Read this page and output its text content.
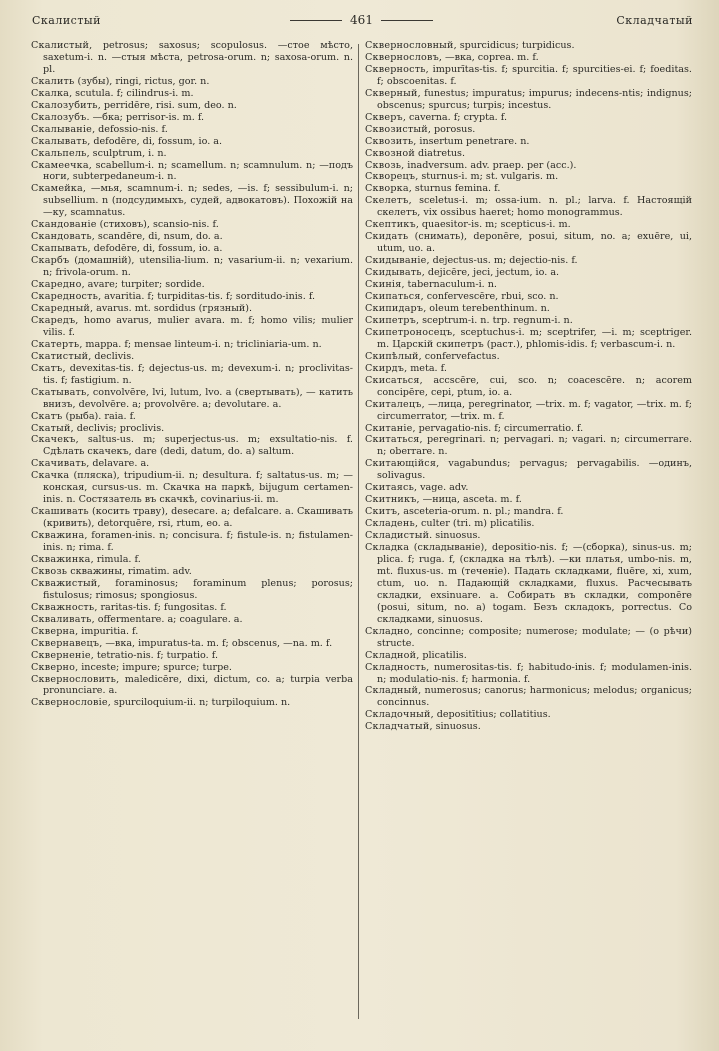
Скалистый	461	Складчатый

Скалистый, petrosus; saxosus; scopulosus. —стое мѣсто, saxetum-i. n. —стыя мѣста, petrosa-orum. n; saxosa-orum. n. pl.

Скалить (зубы), ringi, rictus, gor. n.

Скалка, scutula. f; cilindrus-i. m.

Скалозубить, perridēre, risi. sum, deo. n.

Скалозубъ. —бка; perrisor-is. m. f.

Скалываніе, defossio-nis. f.

Скалывать, defodēre, di, fossum, io. a.

Скальпель, sculptrum, i. n.

Скамеечка, scabellum-i. n; scamellum. n; scamnulum. n; —подъ ноги, subterpedaneum-i. n.

Скамейка, —мья, scamnum-i. n; sedes, —is. f; sessibulum-i. n; subsellium. n (подсудимыхъ, судей, адвокатовъ). Похожій на —ку, scamnatus.

Скандованіе (стиховъ), scansio-nis. f.

Скандовать, scandēre, di, nsum, do. a.

Скапывать, defodēre, di, fossum, io. a.

Скарбъ (домашній), utensilia-lium. n; vasarium-ii. n; vexarium. n; frivola-orum. n.

Скаредно, avare; turpiter; sordide.

Скаредность, avaritia. f; turpiditas-tis. f; sorditudo-inis. f.

Скаредный, avarus. mt. sordidus (грязный).

Скаредъ, homo avarus, mulier avara. m. f; homo vilis; mulier vilis. f.

Скатерть, mappa. f; mensae linteum-i. n; tricliniaria-um. n.

Скатистый, declivis.

Скатъ, devexitas-tis. f; dejectus-us. m; devexum-i. n; proclivitas-tis. f; fastigium. n.

Скатывать, convolvēre, lvi, lutum, lvo. a (свертывать), — катить внизъ, devolvēre. a; provolvēre. a; devolutare. a.

Скатъ (рыба). raia. f.

Скатый, declivis; proclivis.

Скачекъ, saltus-us. m; superjectus-us. m; exsultatio-nis. f. Сдѣлать скачекъ, dare (dedi, datum, do. a) saltum.

Скачивать, delavare. a.

Скачка (пляска), tripudium-ii. n; desultura. f; saltatus-us. m; — конская, cursus-us. m. Скачка на паркѣ, bijugum certamen-inis. n. Состязатель въ скачкѣ, covinarius-ii. m.

Скашивать (косить траву), desecare. a; defalcare. a. Скашивать (кривить), detorquēre, rsi, rtum, eo. a.

Скважина, foramen-inis. n; concisura. f; fistule-is. n; fistulamen-inis. n; rima. f.

Скважинка, rimula. f.

Сквозь скважины, rimatim. adv.

Скважистый, foraminosus; foraminum plenus; porosus; fistulosus; rimosus; spongiosus.

Скважность, raritas-tis. f; fungositas. f.

Скваливать, offermentare. a; coagulare. a.

Скверна, impuritia. f.

Сквернавецъ, —вка, impuratus-ta. m. f; obscenus, —na. m. f.

Скверненіе, tetratio-nis. f; turpatio. f.

Скверно, inceste; impure; spurce; turpe.

Сквернословить, maledicēre, dixi, dictum, co. a; turpia verba pronunciare. a.

Сквернословіе, spurciloquium-ii. n; turpiloquium. n.

Сквернословный, spurcidicus; turpidicus.

Сквернословъ, —вка, coprea. m. f.

Скверность, impurītas-tis. f; spurcitia. f; spurcities-ei. f; foeditas. f; obscoenitas. f.

Скверный, funestus; impuratus; impurus; indecens-ntis; indignus; obscenus; spurcus; turpis; incestus.

Скверъ, caverna. f; crypta. f.

Сквозистый, porosus.

Сквозить, insertum penetrare. n.

Сквозной diatretus.

Сквозь, inadversum. adv. praep. per (acc.).

Скворецъ, sturnus-i. m; st. vulgaris. m.

Скворка, sturnus femina. f.

Скелетъ, sceletus-i. m; ossa-ium. n. pl.; larva. f. Настоящій скелетъ, vix ossibus haeret; homo monogrammus.

Скептикъ, quaesitor-is. m; scepticus-i. m.

Скидать (снимать), deponēre, posui, situm, no. a; exuēre, ui, utum, uo. a.

Скидываніе, dejectus-us. m; dejectio-nis. f.

Скидывать, dejicēre, jeci, jectum, io. a.

Скинія, tabernaculum-i. n.

Скипаться, confervescēre, rbui, sco. n.

Скипидаръ, oleum terebenthinum. n.

Скипетръ, sceptrum-i. n. trp. regnum-i. n.

Скипетроносецъ, sceptuchus-i. m; sceptrifer, —i. m; sceptriger. m. Царскій скипетръ (раст.), phlomis-idis. f; verbascum-i. n.

Скипѣлый, confervefactus.

Скирдъ, meta. f.

Скисаться, accscēre, cui, sco. n; coacescēre. n; acorem concipēre, cepi, ptum, io. a.

Скиталецъ, —лица, peregrinator, —trix. m. f; vagator, —trix. m. f; circumerrator, —trix. m. f.

Скитаніе, pervagatio-nis. f; circumerratio. f.

Скитаться, peregrinari. n; pervagari. n; vagari. n; circumerrare. n; oberrare. n.

Скитающійся, vagabundus; pervagus; pervagabilis. —одинъ, solivagus.

Скитаясь, vage. adv.

Скитникъ, —ница, asceta. m. f.

Скитъ, asceteria-orum. n. pl.; mandra. f.

Складень, culter (tri. m) plicatilis.

Складистый. sinuosus.

Складка (складываніе), depositio-nis. f; —(сборка), sinus-us. m; plica. f; ruga. f, (складка на тѣлѣ). —ки платья, umbo-nis. m, mt. fluxus-us. m (теченіе). Падать складками, fluēre, xi, xum, ctum, uo. n. Падающій складками, fluxus. Расчесывать складки, exsinuare. a. Собирать въ складки, componēre (posui, situm, no. a) togam. Безъ складокъ, porrectus. Со складками, sinuosus.

Складно, concinne; composite; numerose; modulate; — (о рѣчи) structe.

Складной, plicatilis.

Складность, numerositas-tis. f; habitudo-inis. f; modulamen-inis. n; modulatio-nis. f; harmonia. f.

Складный, numerosus; canorus; harmonicus; melodus; organicus; concinnus.

Складочный, depositītius; collatitius.

Складчатый, sinuosus.
